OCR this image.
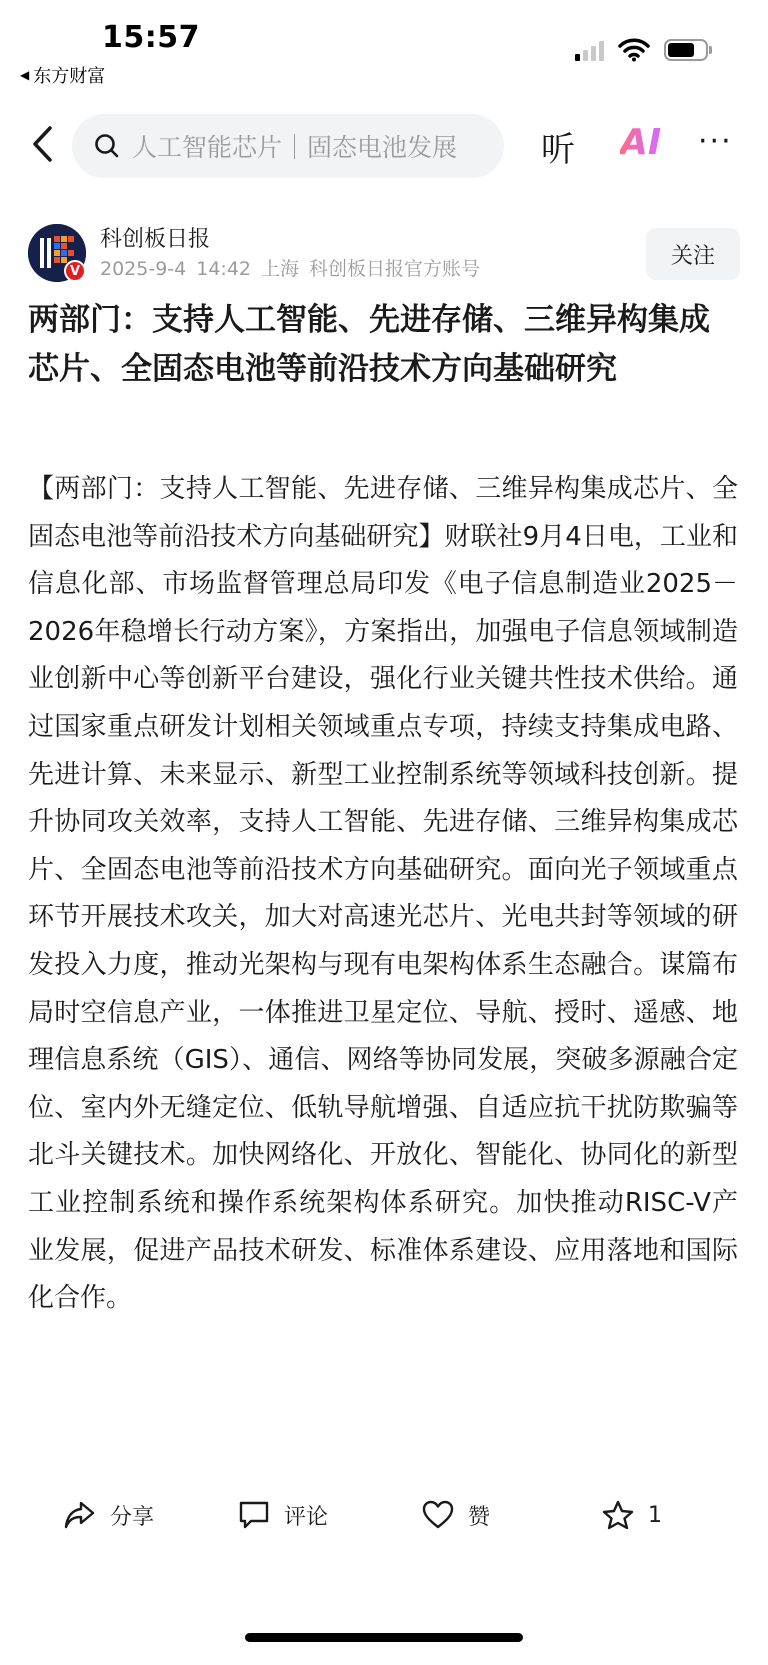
15:57
◀ 东方财富
人工智能芯片｜固态电池发展 听 AI ···
V
科创板日报
2025-9-4 14:42 上海 科创板日报官方账号
关注
两部门：支持人工智能、先进存储、三维异构集成芯片、全固态电池等前沿技术方向基础研究

【两部门：支持人工智能、先进存储、三维异构集成芯片、全固态电池等前沿技术方向基础研究】财联社9月4日电，工业和信息化部、市场监督管理总局印发《电子信息制造业2025－2026年稳增长行动方案》，方案指出，加强电子信息领域制造业创新中心等创新平台建设，强化行业关键共性技术供给。通过国家重点研发计划相关领域重点专项，持续支持集成电路、先进计算、未来显示、新型工业控制系统等领域科技创新。提升协同攻关效率，支持人工智能、先进存储、三维异构集成芯片、全固态电池等前沿技术方向基础研究。面向光子领域重点环节开展技术攻关，加大对高速光芯片、光电共封等领域的研发投入力度，推动光架构与现有电架构体系生态融合。谋篇布局时空信息产业，一体推进卫星定位、导航、授时、遥感、地理信息系统（GIS）、通信、网络等协同发展，突破多源融合定位、室内外无缝定位、低轨导航增强、自适应抗干扰防欺骗等北斗关键技术。加快网络化、开放化、智能化、协同化的新型工业控制系统和操作系统架构体系研究。加快推动RISC-V产业发展，促进产品技术研发、标准体系建设、应用落地和国际化合作。

分享	评论	赞	1
